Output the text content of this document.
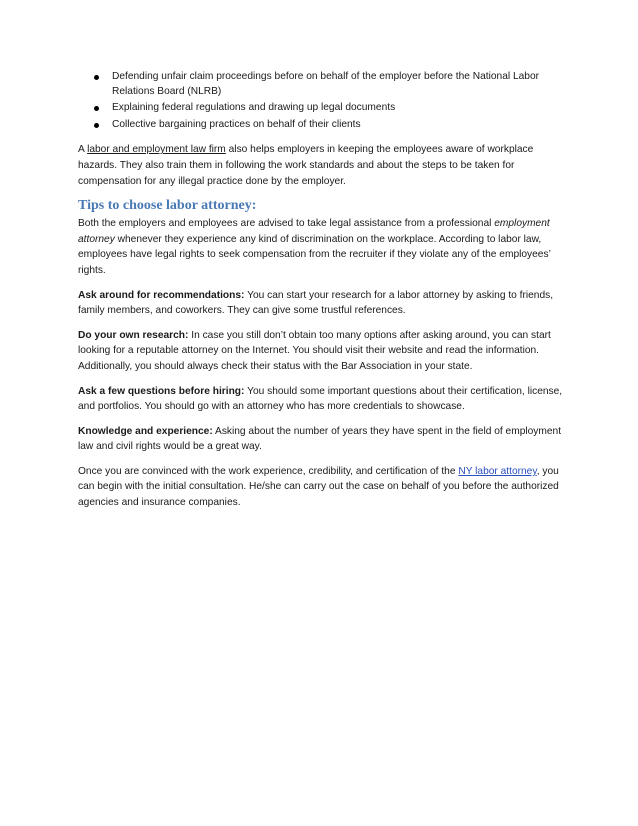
Defending unfair claim proceedings before on behalf of the employer before the National Labor Relations Board (NLRB)
Explaining federal regulations and drawing up legal documents
Collective bargaining practices on behalf of their clients

A labor and employment law firm also helps employers in keeping the employees aware of workplace hazards. They also train them in following the work standards and about the steps to be taken for compensation for any illegal practice done by the employer.

Tips to choose labor attorney:

Both the employers and employees are advised to take legal assistance from a professional employment attorney whenever they experience any kind of discrimination on the workplace. According to labor law, employees have legal rights to seek compensation from the recruiter if they violate any of the employees’ rights.

Ask around for recommendations: You can start your research for a labor attorney by asking to friends, family members, and coworkers. They can give some trustful references.

Do your own research: In case you still don’t obtain too many options after asking around, you can start looking for a reputable attorney on the Internet. You should visit their website and read the information. Additionally, you should always check their status with the Bar Association in your state.

Ask a few questions before hiring: You should some important questions about their certification, license, and portfolios. You should go with an attorney who has more credentials to showcase.

Knowledge and experience: Asking about the number of years they have spent in the field of employment law and civil rights would be a great way.

Once you are convinced with the work experience, credibility, and certification of the NY labor attorney, you can begin with the initial consultation. He/she can carry out the case on behalf of you before the authorized agencies and insurance companies.
